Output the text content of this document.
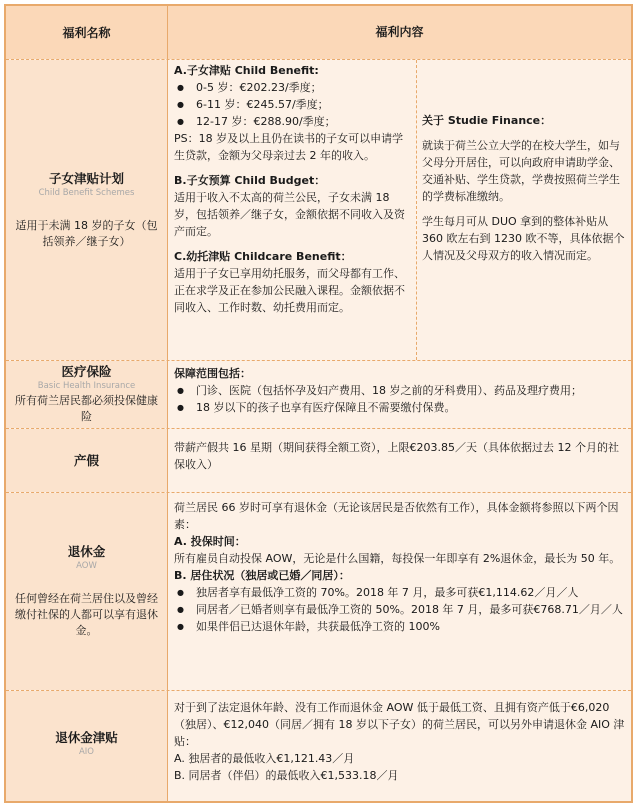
福利名称	福利内容
子女津贴计划
Child Benefit Schemes
适用于未满 18 岁的子女（包括领养／继子女）

A.子女津贴 Child Benefit:

● 0-5 岁：€202.23/季度；
● 6-11 岁：€245.57/季度；
● 12-17 岁：€288.90/季度；

PS：18 岁及以上且仍在读书的子女可以申请学生贷款，金额为父母亲过去 2 年的收入。

B.子女预算 Child Budget：

适用于收入不太高的荷兰公民，子女未满 18 岁，包括领养／继子女，金额依据不同收入及资产而定。

C.幼托津贴 Childcare Benefit：

适用于子女已享用幼托服务，而父母都有工作、正在求学及正在参加公民融入课程。金额依据不同收入、工作时数、幼托费用而定。

关于 Studie Finance：

就读于荷兰公立大学的在校大学生，如与父母分开居住，可以向政府申请助学金、交通补贴、学生贷款，学费按照荷兰学生的学费标准缴纳。

学生每月可从 DUO 拿到的整体补贴从 360 欧左右到 1230 欧不等，具体依据个人情况及父母双方的收入情况而定。

医疗保险
Basic Health Insurance
所有荷兰居民都必须投保健康险

保障范围包括：

● 门诊、医院（包括怀孕及妇产费用、18 岁之前的牙科费用）、药品及理疗费用；
● 18 岁以下的孩子也享有医疗保障且不需要缴付保费。
产假

带薪产假共 16 星期（期间获得全额工资），上限€203.85／天（具体依据过去 12 个月的社保收入）

退休金
AOW
任何曾经在荷兰居住以及曾经缴付社保的人都可以享有退休金。

荷兰居民 66 岁时可享有退休金（无论该居民是否依然有工作），具体金额将参照以下两个因素：

A. 投保时间：

所有雇员自动投保 AOW，无论是什么国籍，每投保一年即享有 2%退休金，最长为 50 年。

B. 居住状况（独居或已婚／同居）：

● 独居者享有最低净工资的 70%。2018 年 7 月，最多可获€1,114.62／月／人
● 同居者／已婚者则享有最低净工资的 50%。2018 年 7 月，最多可获€768.71／月／人
● 如果伴侣已达退休年龄，共获最低净工资的 100%
退休金津贴
AIO

对于到了法定退休年龄、没有工作而退休金 AOW 低于最低工资、且拥有资产低于€6,020（独居）、€12,040（同居／拥有 18 岁以下子女）的荷兰居民，可以另外申请退休金 AIO 津贴：

A. 独居者的最低收入€1,121.43／月

B. 同居者（伴侣）的最低收入€1,533.18／月
